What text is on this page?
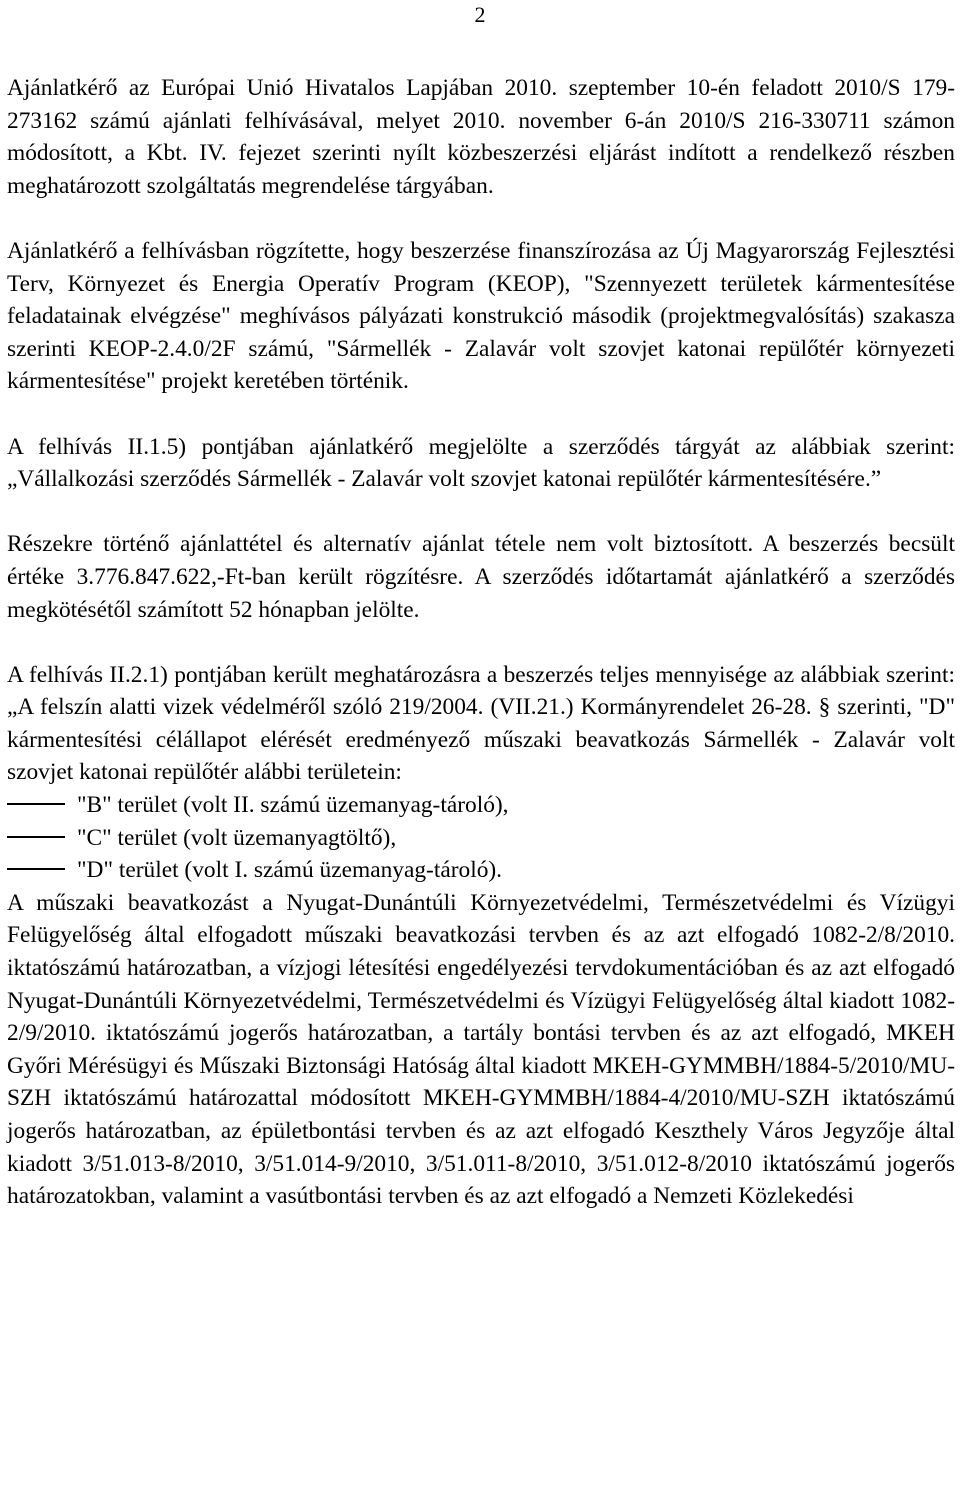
2

Ajánlatkérő az Európai Unió Hivatalos Lapjában 2010. szeptember 10-én feladott 2010/S 179-273162 számú ajánlati felhívásával, melyet 2010. november 6-án 2010/S 216-330711 számon módosított, a Kbt. IV. fejezet szerinti nyílt közbeszerzési eljárást indított a rendelkező részben meghatározott szolgáltatás megrendelése tárgyában.

Ajánlatkérő a felhívásban rögzítette, hogy beszerzése finanszírozása az Új Magyarország Fejlesztési Terv, Környezet és Energia Operatív Program (KEOP), "Szennyezett területek kármentesítése feladatainak elvégzése" meghívásos pályázati konstrukció második (projektmegvalósítás) szakasza szerinti KEOP-2.4.0/2F számú, "Sármellék - Zalavár volt szovjet katonai repülőtér környezeti kármentesítése" projekt keretében történik.

A felhívás II.1.5) pontjában ajánlatkérő megjelölte a szerződés tárgyát az alábbiak szerint: „Vállalkozási szerződés Sármellék - Zalavár volt szovjet katonai repülőtér kármentesítésére.”

Részekre történő ajánlattétel és alternatív ajánlat tétele nem volt biztosított. A beszerzés becsült értéke 3.776.847.622,-Ft-ban került rögzítésre. A szerződés időtartamát ajánlatkérő a szerződés megkötésétől számított 52 hónapban jelölte.

A felhívás II.2.1) pontjában került meghatározásra a beszerzés teljes mennyisége az alábbiak szerint: „A felszín alatti vizek védelméről szóló 219/2004. (VII.21.) Kormányrendelet 26-28. § szerinti, "D" kármentesítési célállapot elérését eredményező műszaki beavatkozás Sármellék - Zalavár volt szovjet katonai repülőtér alábbi területein:

"B" terület (volt II. számú üzemanyag-tároló),
"C" terület (volt üzemanyagtöltő),
"D" terület (volt I. számú üzemanyag-tároló).

A műszaki beavatkozást a Nyugat-Dunántúli Környezetvédelmi, Természetvédelmi és Vízügyi Felügyelőség által elfogadott műszaki beavatkozási tervben és az azt elfogadó 1082-2/8/2010. iktatószámú határozatban, a vízjogi létesítési engedélyezési tervdokumentációban és az azt elfogadó Nyugat-Dunántúli Környezetvédelmi, Természetvédelmi és Vízügyi Felügyelőség által kiadott 1082-2/9/2010. iktatószámú jogerős határozatban, a tartály bontási tervben és az azt elfogadó, MKEH Győri Mérésügyi és Műszaki Biztonsági Hatóság által kiadott MKEH-GYMMBH/1884-5/2010/MU-SZH iktatószámú határozattal módosított MKEH-GYMMBH/1884-4/2010/MU-SZH iktatószámú jogerős határozatban, az épületbontási tervben és az azt elfogadó Keszthely Város Jegyzője által kiadott 3/51.013-8/2010, 3/51.014-9/2010, 3/51.011-8/2010, 3/51.012-8/2010 iktatószámú jogerős határozatokban, valamint a vasútbontási tervben és az azt elfogadó a Nemzeti Közlekedési
